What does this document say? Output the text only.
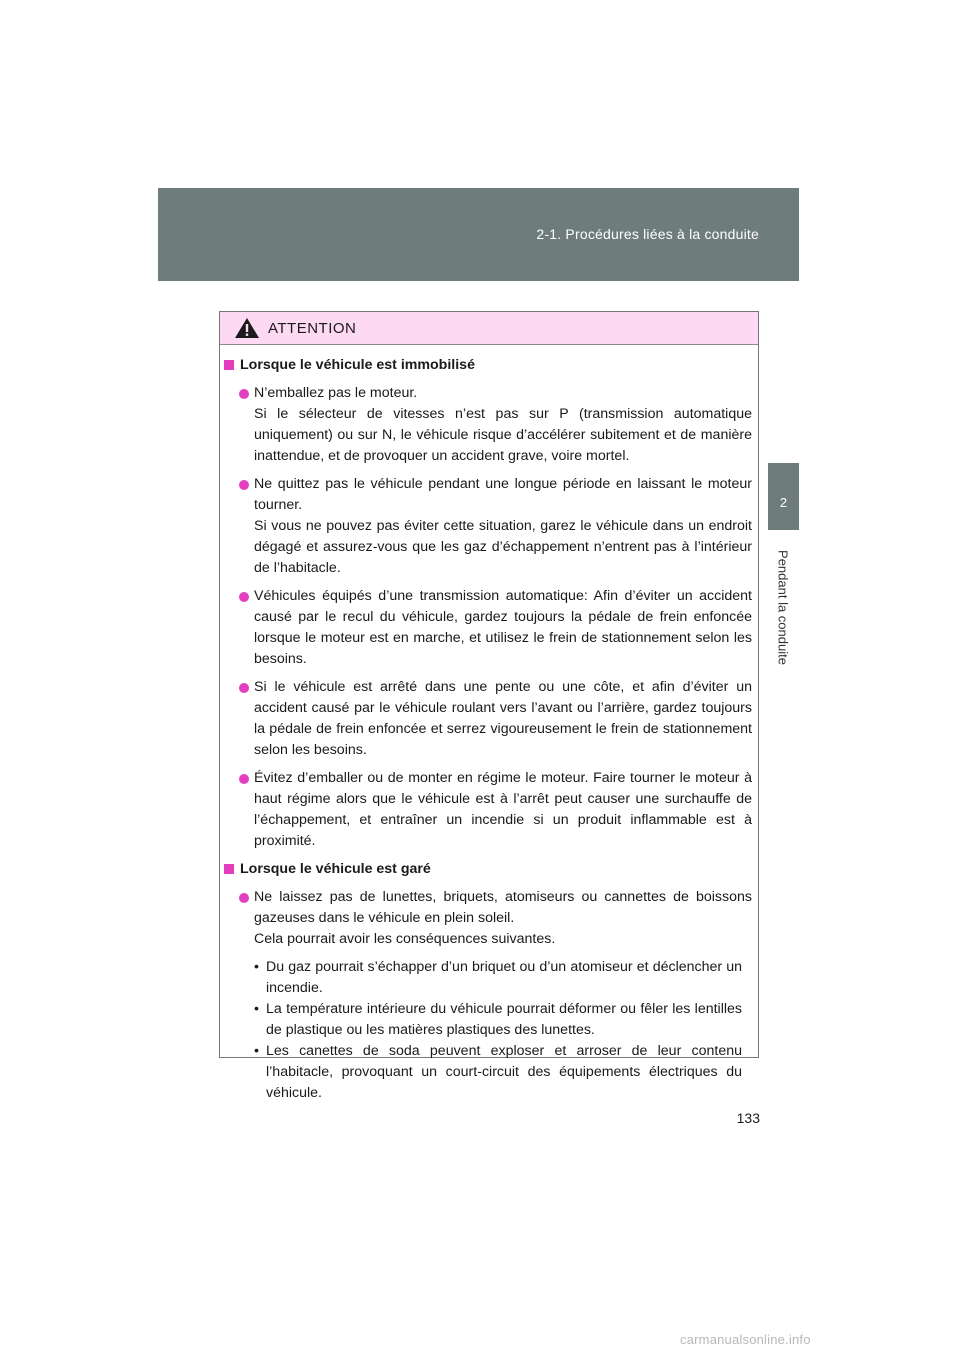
2-1. Procédures liées à la conduite
2
Pendant la conduite
ATTENTION
Lorsque le véhicule est immobilisé

N’emballez pas le moteur.

Si le sélecteur de vitesses n’est pas sur P (transmission automatique uniquement) ou sur N, le véhicule risque d’accélérer subitement et de manière inattendue, et de provoquer un accident grave, voire mortel.

Ne quittez pas le véhicule pendant une longue période en laissant le moteur tourner.

Si vous ne pouvez pas éviter cette situation, garez le véhicule dans un endroit dégagé et assurez-vous que les gaz d’échappement n’entrent pas à l’intérieur de l’habitacle.

Véhicules équipés d’une transmission automatique: Afin d’éviter un accident causé par le recul du véhicule, gardez toujours la pédale de frein enfoncée lorsque le moteur est en marche, et utilisez le frein de stationnement selon les besoins.

Si le véhicule est arrêté dans une pente ou une côte, et afin d’éviter un accident causé par le véhicule roulant vers l’avant ou l’arrière, gardez toujours la pédale de frein enfoncée et serrez vigoureusement le frein de stationnement selon les besoins.

Évitez d’emballer ou de monter en régime le moteur. Faire tourner le moteur à haut régime alors que le véhicule est à l’arrêt peut causer une surchauffe de l’échappement, et entraîner un incendie si un produit inflammable est à proximité.

Lorsque le véhicule est garé

Ne laissez pas de lunettes, briquets, atomiseurs ou cannettes de boissons gazeuses dans le véhicule en plein soleil.

Cela pourrait avoir les conséquences suivantes.

• Du gaz pourrait s’échapper d’un briquet ou d’un atomiseur et déclencher un incendie.
• La température intérieure du véhicule pourrait déformer ou fêler les lentilles de plastique ou les matières plastiques des lunettes.
• Les canettes de soda peuvent exploser et arroser de leur contenu l’habitacle, provoquant un court-circuit des équipements électriques du véhicule.
133
carmanualsonline.info
